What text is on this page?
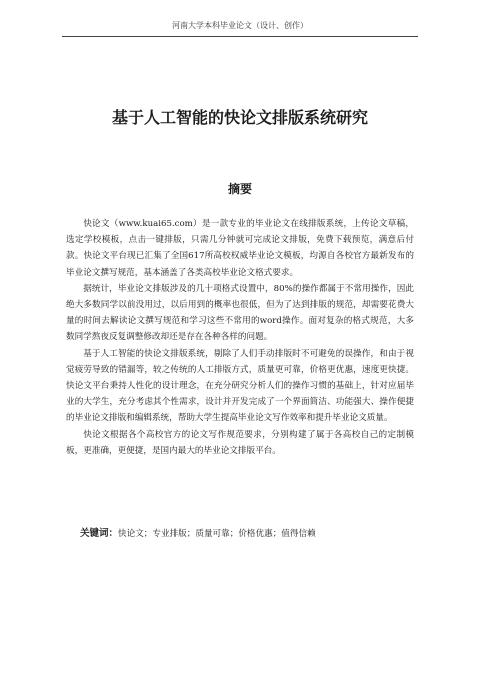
河南大学本科毕业论文（设计、创作）
基于人工智能的快论文排版系统研究
摘要

快论文（www.kuai65.com）是一款专业的毕业论文在线排版系统，上传论文草稿，选定学校模板，点击一键排版，只需几分钟就可完成论文排版，免费下载预览，满意后付款。快论文平台现已汇集了全国617所高校权威毕业论文模板，均源自各校官方最新发布的毕业论文撰写规范，基本涵盖了各类高校毕业论文格式要求。

据统计，毕业论文排版涉及的几十项格式设置中，80%的操作都属于不常用操作，因此绝大多数同学以前没用过，以后用到的概率也很低，但为了达到排版的规范，却需要花费大量的时间去解读论文撰写规范和学习这些不常用的word操作。面对复杂的格式规范，大多数同学熬夜反复调整修改却还是存在各种各样的问题。

基于人工智能的快论文排版系统，剔除了人们手动排版时不可避免的误操作，和由于视觉疲劳导致的错漏等，较之传统的人工排版方式，质量更可靠，价格更优惠，速度更快捷。快论文平台秉持人性化的设计理念，在充分研究分析人们的操作习惯的基础上，针对应届毕业的大学生，充分考虑其个性需求，设计并开发完成了一个界面简洁、功能强大、操作便捷的毕业论文排版和编辑系统，帮助大学生提高毕业论文写作效率和提升毕业论文质量。

快论文根据各个高校官方的论文写作规范要求，分别构建了属于各高校自己的定制模板，更准确，更便捷，是国内最大的毕业论文排版平台。

关键词：快论文；专业排版；质量可靠；价格优惠；值得信赖
